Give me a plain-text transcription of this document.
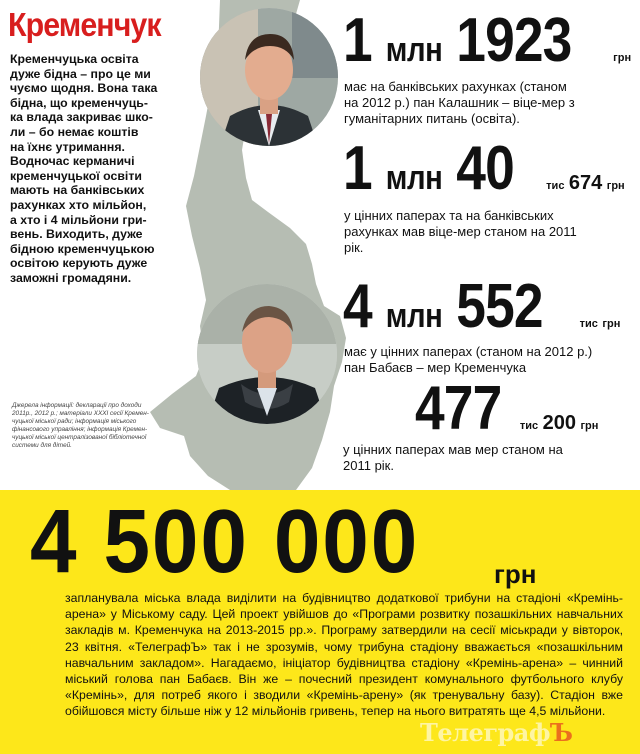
Кременчук
Кременчуцька освіта
дуже бідна – про це ми
чуємо щодня. Вона така
бідна, що кременчуць-
ка влада закриває шко-
ли – бо немає коштів
на їхнє утримання.
Водночас керманичі
кременчуцької освіти
мають на банківських
рахунках хто мільйон,
а хто і 4 мільйони гри-
вень. Виходить, дуже
бідною кременчуцькою
освітою керують дуже
заможні громадяни.
Джерела інформації: декларації про доходи
2011р., 2012 р.; матеріали XXXI сесії Кремен-
чуцької міської ради; інформація міського
фінансового управління; інформація Кремен-
чуцької міської централізованої бібліотечної
системи для дітей.
1 млн 1923	грн
має на банківських рахунках (станом
на 2012 р.) пан Калашник – віце-мер з
гуманітарних питань (освіта).
1 млн 40	тис 674 грн
у цінних паперах та на банківських
рахунках мав віце-мер станом на 2011
рік.
4 млн 552	тис грн
має у цінних паперах (станом на 2012 р.)
пан Бабаєв – мер Кременчука
477 тис 200 грн
у цінних паперах мав мер станом на
2011 рік.
4 500 000	грн
запланувала міська влада виділити на будівництво додаткової трибуни на стадіоні «Кремінь-арена» у Міському саду. Цей проект увійшов до «Програми розвитку позашкільних навчальних закладів м. Кременчука на 2013-2015 рр.». Програму затвердили на сесії міськради у вівторок, 23 квітня. «ТелеграфЪ» так і не зрозумів, чому трибуна стадіону вважається «позашкільним навчальним закладом». Нагадаємо, ініціатор будівництва стадіону «Кремінь-арена» – чинний міський голова пан Бабаєв. Він же – почесний президент комунального футбольного клубу «Кремінь», для потреб якого і зводили «Кремінь-арену» (як тренувальну базу). Стадіон вже обійшовся місту більше ніж у 12 мільйонів гривень, тепер на нього витратять ще 4,5 мільйони.
ТелеграфЪ
